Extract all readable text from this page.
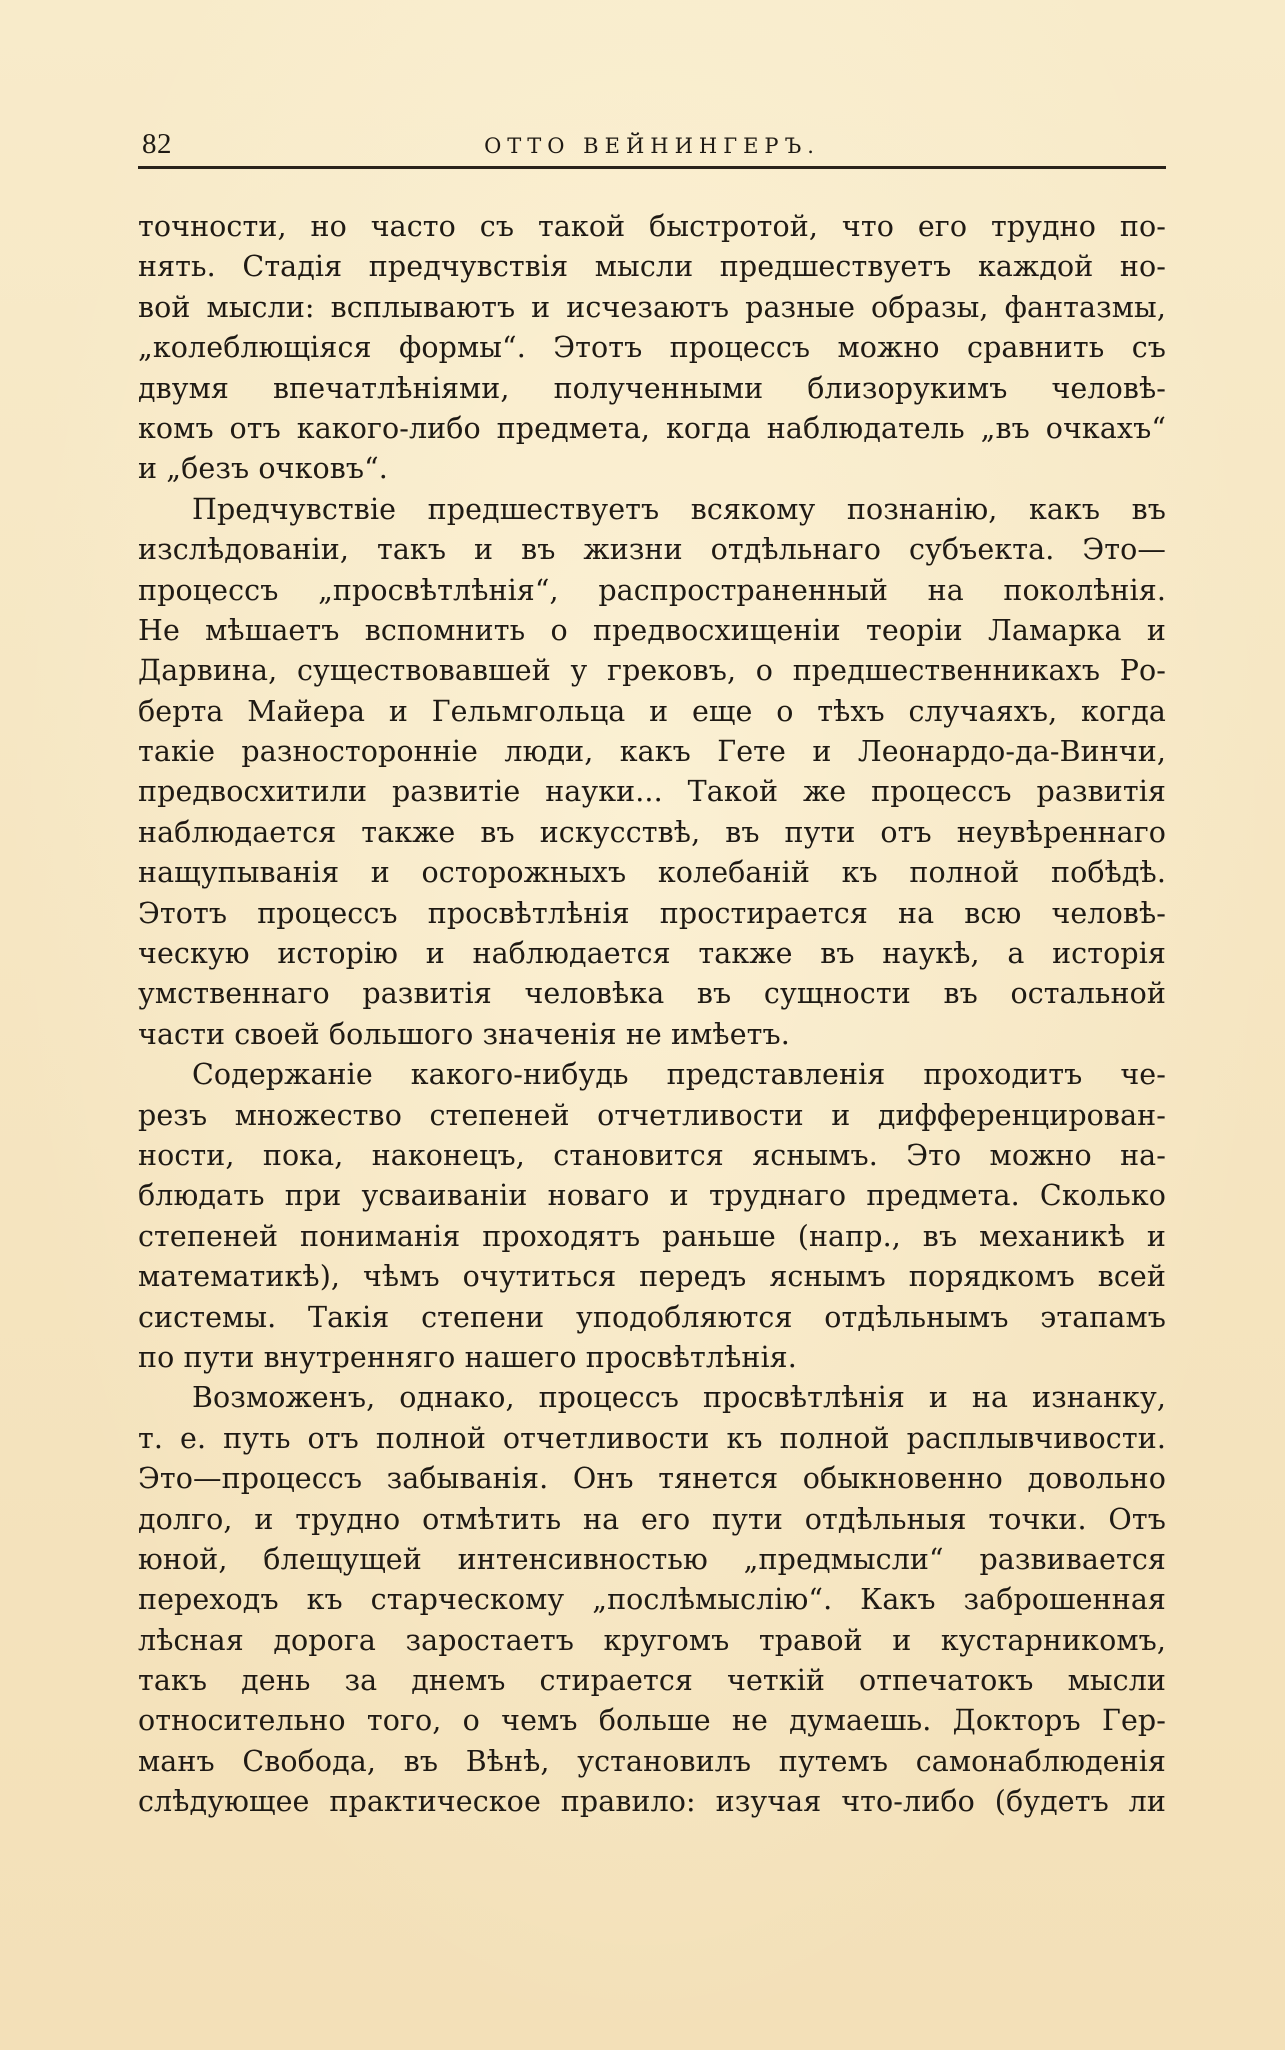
82	ОТТО ВЕЙНИНГЕРЪ.
точности, но часто съ такой быстротой, что его трудно по-
нять. Стадія предчувствія мысли предшествуетъ каждой но-
вой мысли: всплываютъ и исчезаютъ разные образы, фантазмы,
„колеблющіяся формы“. Этотъ процессъ можно сравнить съ
двумя впечатлѣніями, полученными близорукимъ человѣ-
комъ отъ какого-либо предмета, когда наблюдатель „въ очкахъ“
и „безъ очковъ“.
Предчувствіе предшествуетъ всякому познанію, какъ въ
изслѣдованіи, такъ и въ жизни отдѣльнаго субъекта. Это—
процессъ „просвѣтлѣнія“, распространенный на поколѣнія.
Не мѣшаетъ вспомнить о предвосхищеніи теоріи Ламарка и
Дарвина, существовавшей у грековъ, о предшественникахъ Ро-
берта Майера и Гельмгольца и еще о тѣхъ случаяхъ, когда
такіе разносторонніе люди, какъ Гете и Леонардо-да-Винчи,
предвосхитили развитіе науки... Такой же процессъ развитія
наблюдается также въ искусствѣ, въ пути отъ неувѣреннаго
нащупыванія и осторожныхъ колебаній къ полной побѣдѣ.
Этотъ процессъ просвѣтлѣнія простирается на всю человѣ-
ческую исторію и наблюдается также въ наукѣ, а исторія
умственнаго развитія человѣка въ сущности въ остальной
части своей большого значенія не имѣетъ.
Содержаніе какого-нибудь представленія проходитъ че-
резъ множество степеней отчетливости и дифференцирован-
ности, пока, наконецъ, становится яснымъ. Это можно на-
блюдать при усваиваніи новаго и труднаго предмета. Сколько
степеней пониманія проходятъ раньше (напр., въ механикѣ и
математикѣ), чѣмъ очутиться передъ яснымъ порядкомъ всей
системы. Такія степени уподобляются отдѣльнымъ этапамъ
по пути внутренняго нашего просвѣтлѣнія.
Возможенъ, однако, процессъ просвѣтлѣнія и на изнанку,
т. е. путь отъ полной отчетливости къ полной расплывчивости.
Это—процессъ забыванія. Онъ тянется обыкновенно довольно
долго, и трудно отмѣтить на его пути отдѣльныя точки. Отъ
юной, блещущей интенсивностью „предмысли“ развивается
переходъ къ старческому „послѣмыслію“. Какъ заброшенная
лѣсная дорога заростаетъ кругомъ травой и кустарникомъ,
такъ день за днемъ стирается четкій отпечатокъ мысли
относительно того, о чемъ больше не думаешь. Докторъ Гер-
манъ Свобода, въ Вѣнѣ, установилъ путемъ самонаблюденія
слѣдующее практическое правило: изучая что-либо (будетъ ли
